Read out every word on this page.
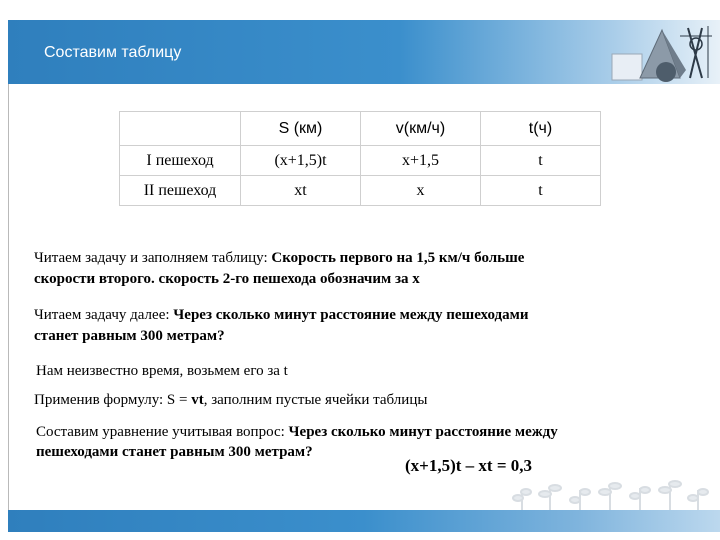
Составим таблицу
	S (км)	v(км/ч)	t(ч)
I пешеход	(x+1,5)t	x+1,5	t
II пешеход	xt	x	t
Читаем задачу и заполняем таблицу: Скорость первого на 1,5 км/ч больше
скорости второго. скорость 2-го пешехода обозначим за x
Читаем задачу далее: Через сколько минут расстояние между пешеходами
станет равным 300 метрам?
Нам неизвестно время, возьмем его за t
Применив формулу: S = vt, заполним пустые ячейки таблицы
Составим уравнение учитывая вопрос: Через сколько минут расстояние между
пешеходами станет равным 300 метрам?
(x+1,5)t – xt = 0,3
